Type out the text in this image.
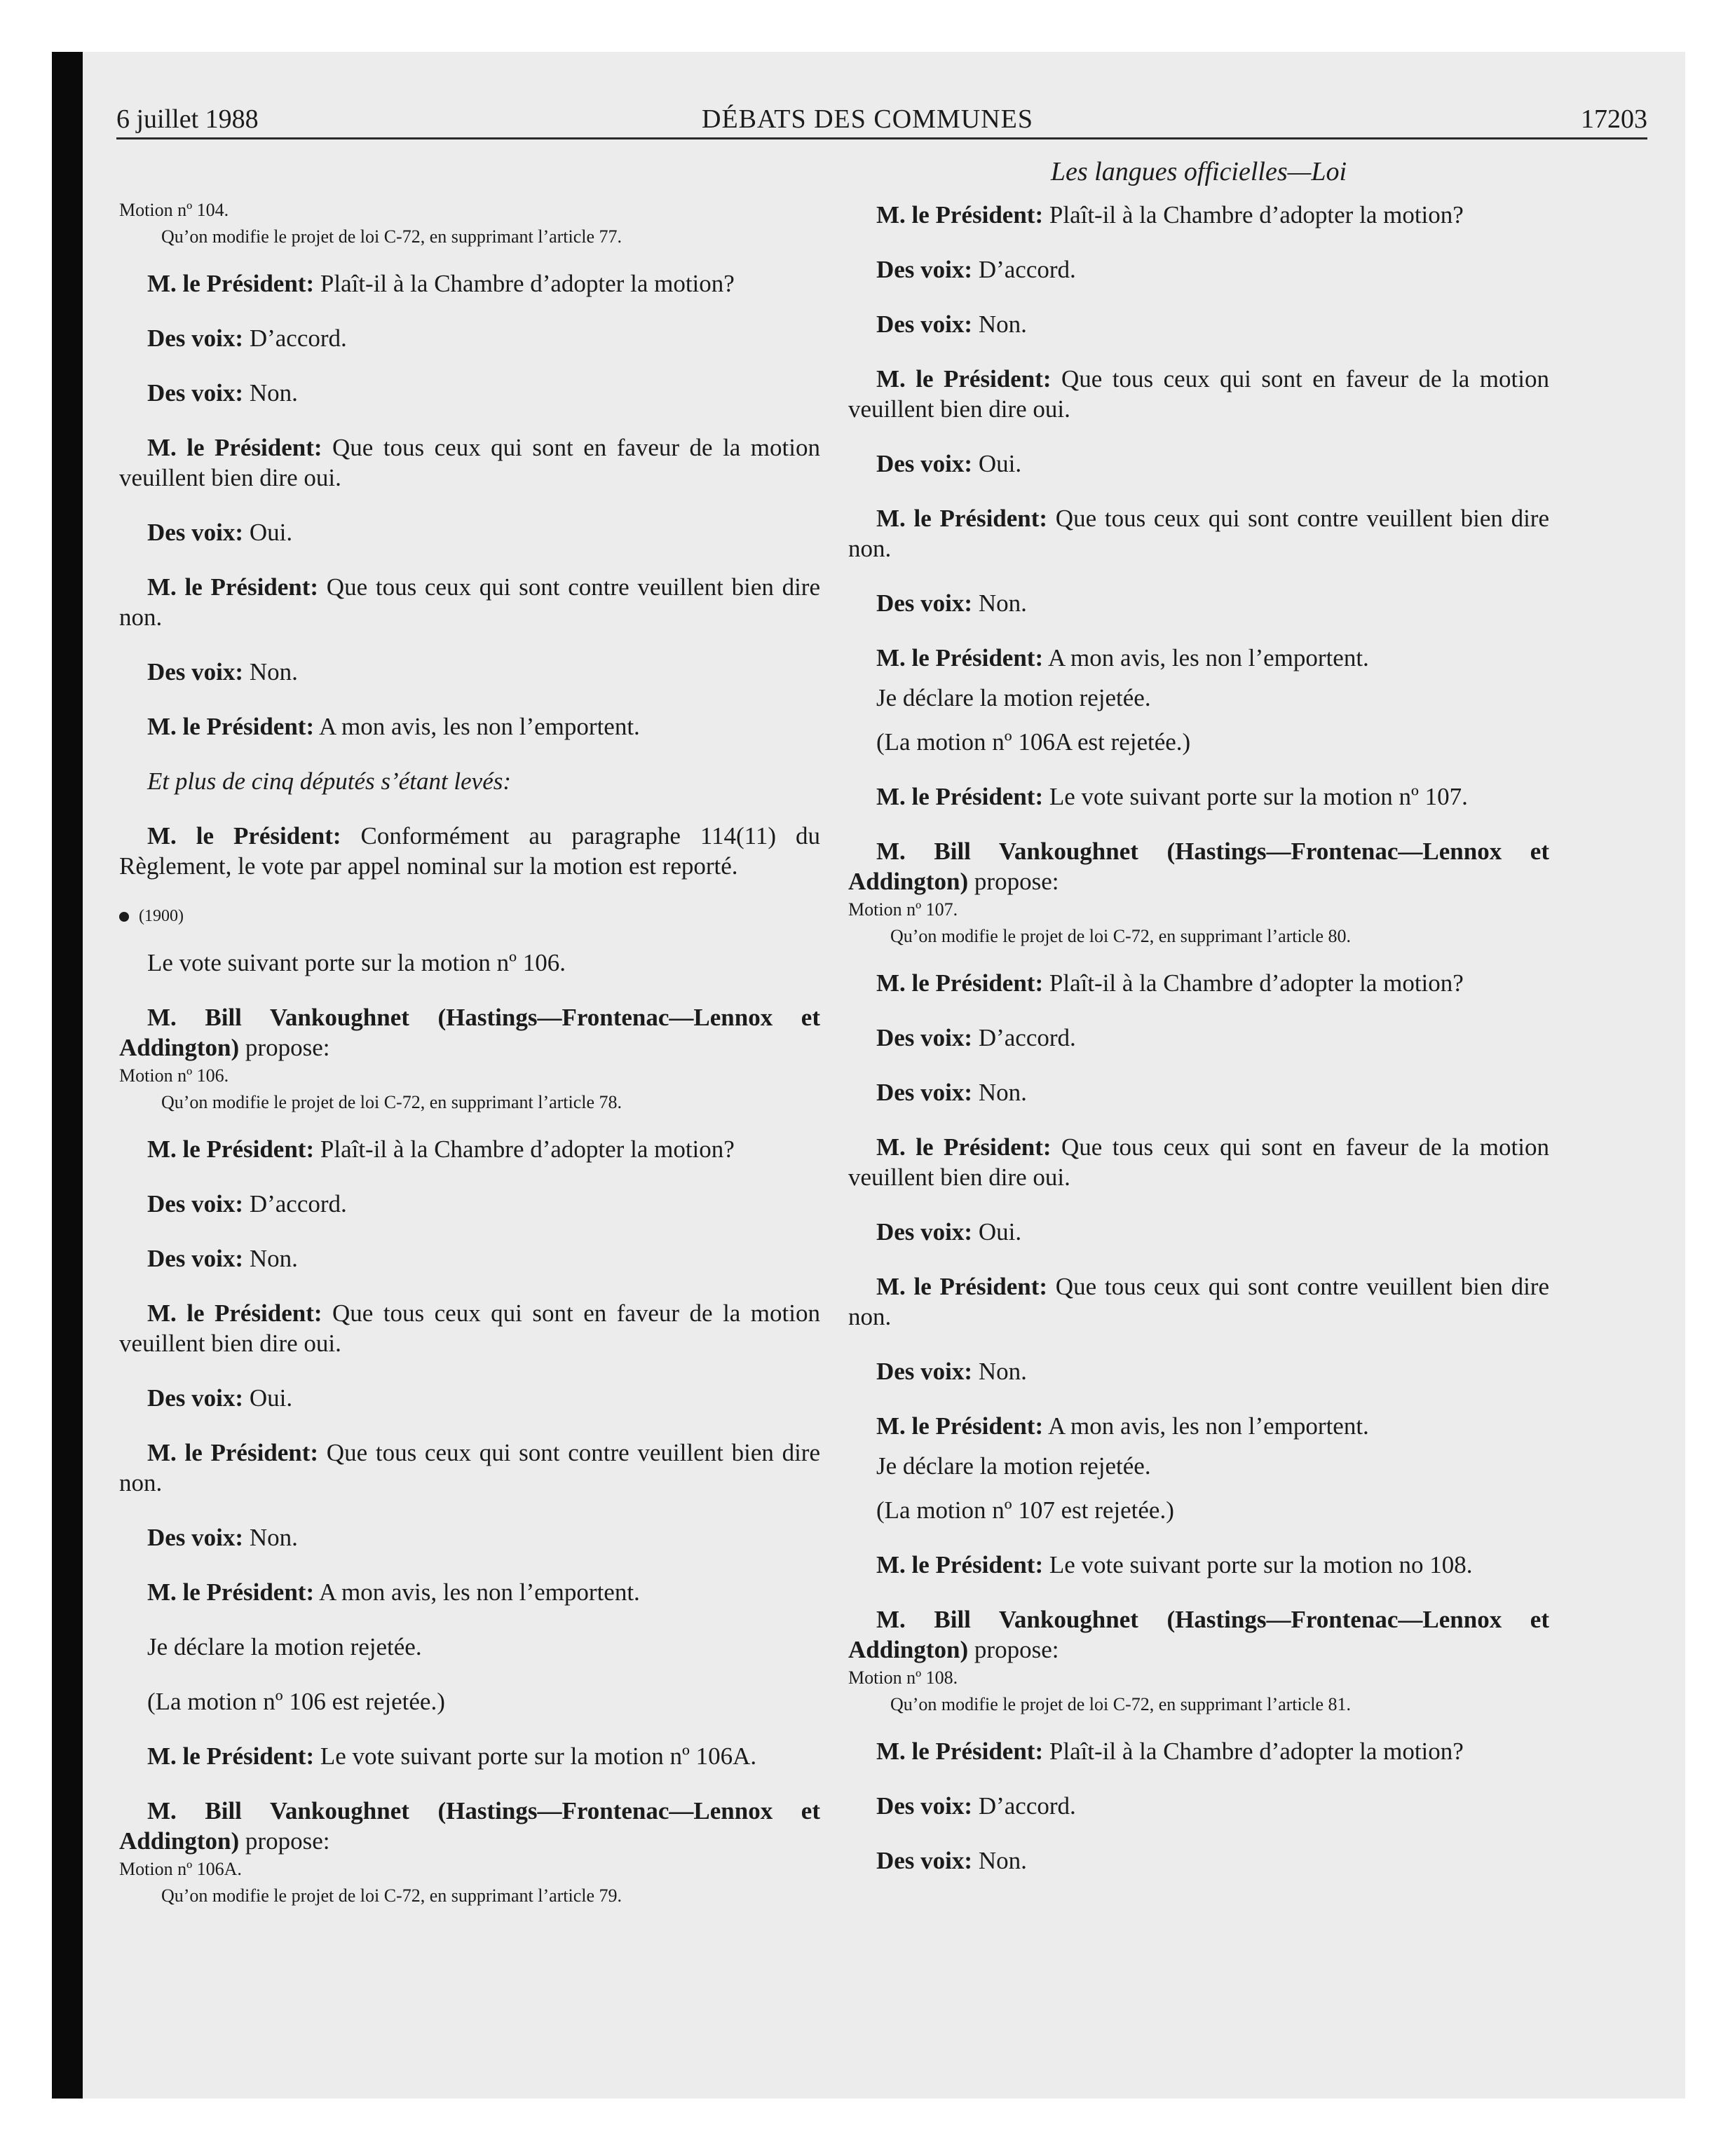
6 juillet 1988	DÉBATS DES COMMUNES	17203
Les langues officielles—Loi

Motion nº 104.

Qu’on modifie le projet de loi C-72, en supprimant l’article 77.

M. le Président: Plaît-il à la Chambre d’adopter la motion?

Des voix: D’accord.

Des voix: Non.

M. le Président: Que tous ceux qui sont en faveur de la motion veuillent bien dire oui.

Des voix: Oui.

M. le Président: Que tous ceux qui sont contre veuillent bien dire non.

Des voix: Non.

M. le Président: A mon avis, les non l’emportent.

Et plus de cinq députés s’étant levés:

M. le Président: Conformément au paragraphe 114(11) du Règlement, le vote par appel nominal sur la motion est reporté.

(1900)

Le vote suivant porte sur la motion nº 106.

M. Bill Vankoughnet (Hastings—Frontenac—Lennox et Addington) propose:

Motion nº 106.

Qu’on modifie le projet de loi C-72, en supprimant l’article 78.

M. le Président: Plaît-il à la Chambre d’adopter la motion?

Des voix: D’accord.

Des voix: Non.

M. le Président: Que tous ceux qui sont en faveur de la motion veuillent bien dire oui.

Des voix: Oui.

M. le Président: Que tous ceux qui sont contre veuillent bien dire non.

Des voix: Non.

M. le Président: A mon avis, les non l’emportent.

Je déclare la motion rejetée.

(La motion nº 106 est rejetée.)

M. le Président: Le vote suivant porte sur la motion nº 106A.

M. Bill Vankoughnet (Hastings—Frontenac—Lennox et Addington) propose:

Motion nº 106A.

Qu’on modifie le projet de loi C-72, en supprimant l’article 79.

M. le Président: Plaît-il à la Chambre d’adopter la motion?

Des voix: D’accord.

Des voix: Non.

M. le Président: Que tous ceux qui sont en faveur de la motion veuillent bien dire oui.

Des voix: Oui.

M. le Président: Que tous ceux qui sont contre veuillent bien dire non.

Des voix: Non.

M. le Président: A mon avis, les non l’emportent.

Je déclare la motion rejetée.

(La motion nº 106A est rejetée.)

M. le Président: Le vote suivant porte sur la motion nº 107.

M. Bill Vankoughnet (Hastings—Frontenac—Lennox et Addington) propose:

Motion nº 107.

Qu’on modifie le projet de loi C-72, en supprimant l’article 80.

M. le Président: Plaît-il à la Chambre d’adopter la motion?

Des voix: D’accord.

Des voix: Non.

M. le Président: Que tous ceux qui sont en faveur de la motion veuillent bien dire oui.

Des voix: Oui.

M. le Président: Que tous ceux qui sont contre veuillent bien dire non.

Des voix: Non.

M. le Président: A mon avis, les non l’emportent.

Je déclare la motion rejetée.

(La motion nº 107 est rejetée.)

M. le Président: Le vote suivant porte sur la motion no 108.

M. Bill Vankoughnet (Hastings—Frontenac—Lennox et Addington) propose:

Motion nº 108.

Qu’on modifie le projet de loi C-72, en supprimant l’article 81.

M. le Président: Plaît-il à la Chambre d’adopter la motion?

Des voix: D’accord.

Des voix: Non.
